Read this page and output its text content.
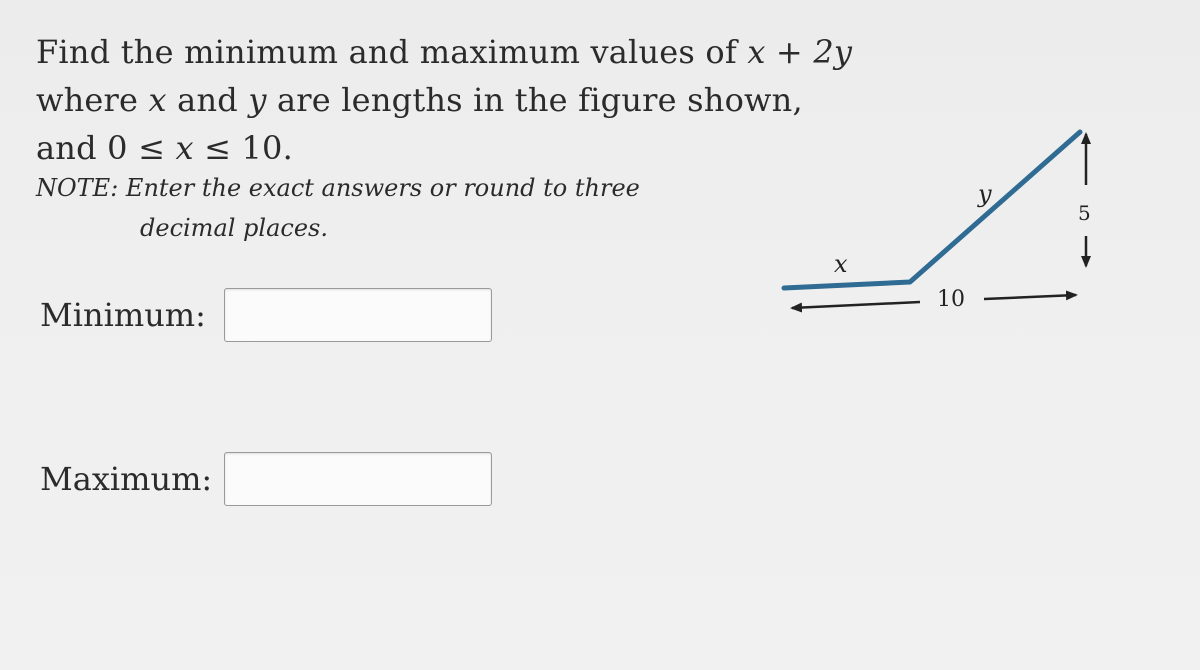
Find the minimum and maximum values of x + 2y
where x and y are lengths in the figure shown,
and 0 ≤ x ≤ 10.
NOTE: Enter the exact answers or round to three
decimal places.
Minimum:
Maximum:
10
5
x
y
